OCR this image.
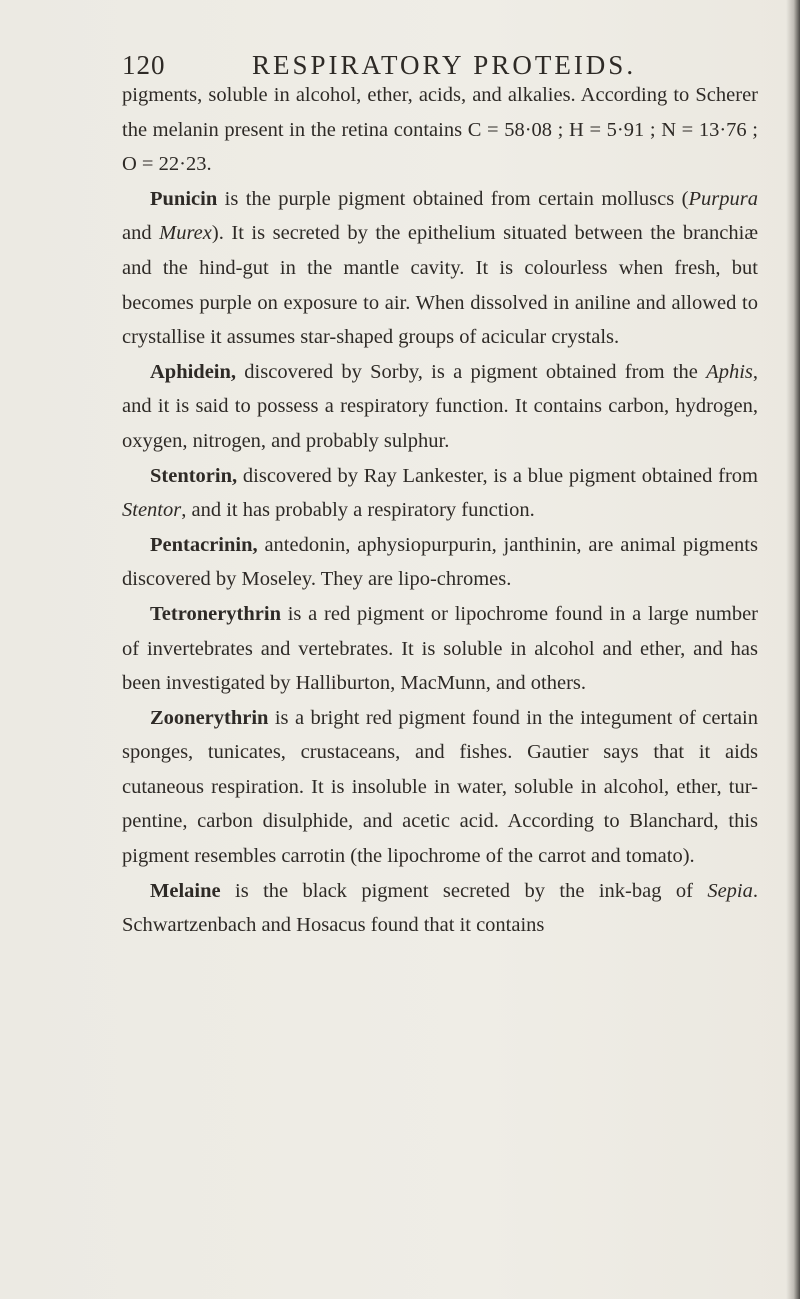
120	RESPIRATORY PROTEIDS.

pigments, soluble in alcohol, ether, acids, and alkalies. According to Scherer the melanin present in the retina contains C = 58·08 ; H = 5·91 ; N = 13·76 ; O = 22·23.

Punicin is the purple pigment obtained from certain molluscs (Purpura and Murex). It is secreted by the epithelium situated between the branchiæ and the hind-gut in the mantle cavity. It is colourless when fresh, but becomes purple on exposure to air. When dissolved in aniline and allowed to crystallise it assumes star-shaped groups of acicular crystals.

Aphidein, discovered by Sorby, is a pigment obtained from the Aphis, and it is said to possess a respiratory function. It contains carbon, hydrogen, oxygen, nitrogen, and probably sulphur.

Stentorin, discovered by Ray Lankester, is a blue pigment obtained from Stentor, and it has probably a respiratory function.

Pentacrinin, antedonin, aphysiopurpurin, janthinin, are animal pigments discovered by Moseley. They are lipo-chromes.

Tetronerythrin is a red pigment or lipochrome found in a large number of invertebrates and vertebrates. It is soluble in alcohol and ether, and has been investigated by Halliburton, MacMunn, and others.

Zoonerythrin is a bright red pigment found in the integument of certain sponges, tunicates, crustaceans, and fishes. Gautier says that it aids cutaneous respiration. It is insoluble in water, soluble in alcohol, ether, tur-pentine, carbon disulphide, and acetic acid. According to Blanchard, this pigment resembles carrotin (the lipochrome of the carrot and tomato).

Melaine is the black pigment secreted by the ink-bag of Sepia. Schwartzenbach and Hosacus found that it contains
